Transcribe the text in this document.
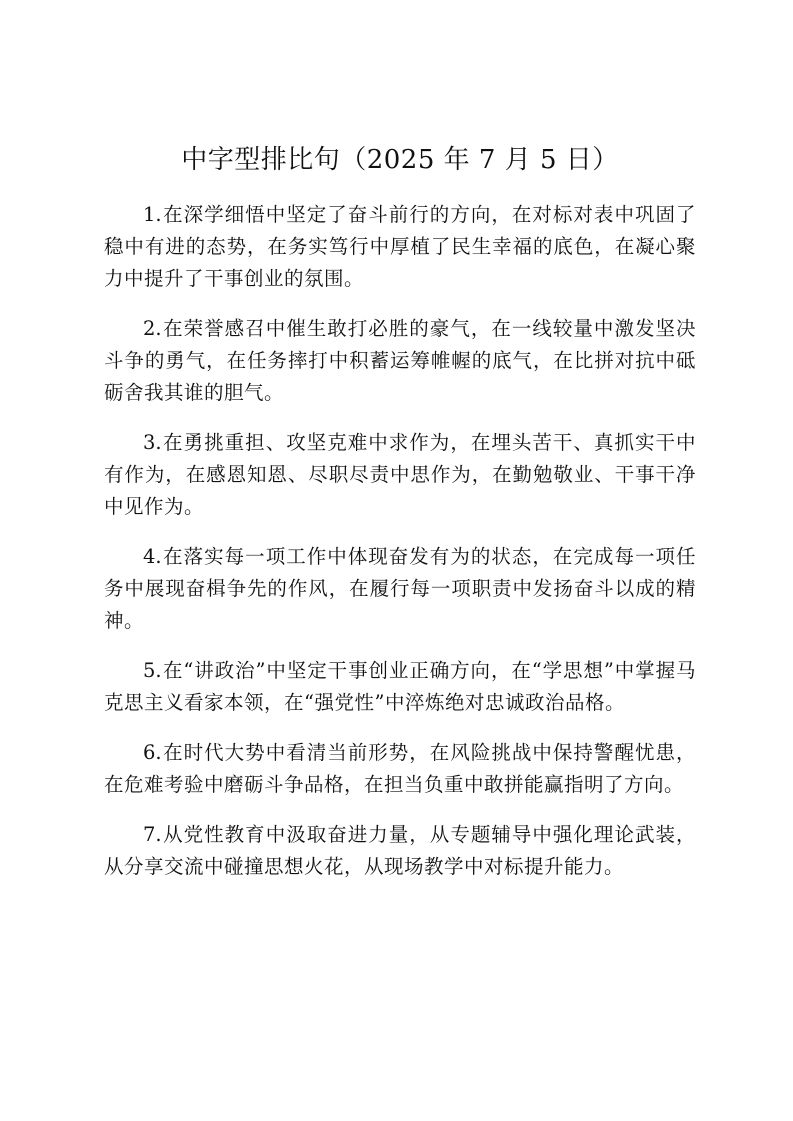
中字型排比句（2025 年 7 月 5 日）

1.在深学细悟中坚定了奋斗前行的方向，在对标对表中巩固了稳中有进的态势，在务实笃行中厚植了民生幸福的底色，在凝心聚力中提升了干事创业的氛围。

2.在荣誉感召中催生敢打必胜的豪气，在一线较量中激发坚决斗争的勇气，在任务摔打中积蓄运筹帷幄的底气，在比拼对抗中砥砺舍我其谁的胆气。

3.在勇挑重担、攻坚克难中求作为，在埋头苦干、真抓实干中有作为，在感恩知恩、尽职尽责中思作为，在勤勉敬业、干事干净中见作为。

4.在落实每一项工作中体现奋发有为的状态，在完成每一项任务中展现奋楫争先的作风，在履行每一项职责中发扬奋斗以成的精神。

5.在“讲政治”中坚定干事创业正确方向，在“学思想”中掌握马克思主义看家本领，在“强党性”中淬炼绝对忠诚政治品格。

6.在时代大势中看清当前形势，在风险挑战中保持警醒忧患，在危难考验中磨砺斗争品格，在担当负重中敢拼能赢指明了方向。

7.从党性教育中汲取奋进力量，从专题辅导中强化理论武装，从分享交流中碰撞思想火花，从现场教学中对标提升能力。
